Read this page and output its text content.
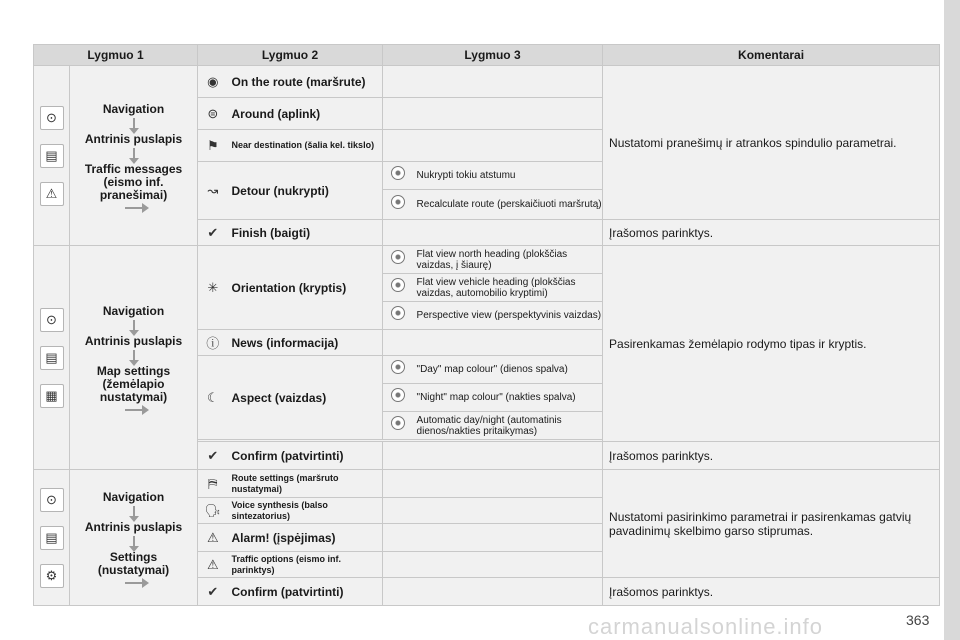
Lygmuo 1		Lygmuo 2		Lygmuo 3		Komentarai

⊙
▤
⚠	Navigation
Antrinis puslapis
Traffic messages (eismo inf. pranešimai)	◉	On the route (maršrute)			Nustatomi pranešimų ir atrankos spindulio parametrai.
		⊜	Around (aplink)			
		⚑	Near destination (šalia kel. tikslo)			
		↝	Detour (nukrypti)		Nukrypti tokiu atstumu	
					Recalculate route (perskaičiuoti maršrutą)	
		✔	Finish (baigti)			Įrašomos parinktys.

⊙
▤
▦	Navigation
Antrinis puslapis
Map settings (žemėlapio nustatymai)	✳	Orientation (kryptis)		Flat view north heading (plokščias vaizdas, į šiaurę)	Pasirenkamas žemėlapio rodymo tipas ir kryptis.
					Flat view vehicle heading (plokščias vaizdas, automobilio kryptimi)	
					Perspective view (perspektyvinis vaizdas)	
		ⓘ	News (informacija)			
		☾	Aspect (vaizdas)		"Day" map colour" (dienos spalva)	
					"Night" map colour" (nakties spalva)	
					Automatic day/night (automatinis dienos/nakties pritaikymas)	

		✔	Confirm (patvirtinti)			Įrašomos parinktys.

⊙
▤
⚙	Navigation
Antrinis puslapis
Settings (nustatymai)	⛿	Route settings (maršruto nustatymai)			Nustatomi pasirinkimo parametrai ir pasirenkamas gatvių pavadinimų skelbimo garso stiprumas.
		🗣	Voice synthesis (balso sintezatorius)			
		⚠	Alarm! (įspėjimas)			
		⚠	Traffic options (eismo inf. parinktys)			
		✔	Confirm (patvirtinti)			Įrašomos parinktys.
carmanualsonline.info	363
